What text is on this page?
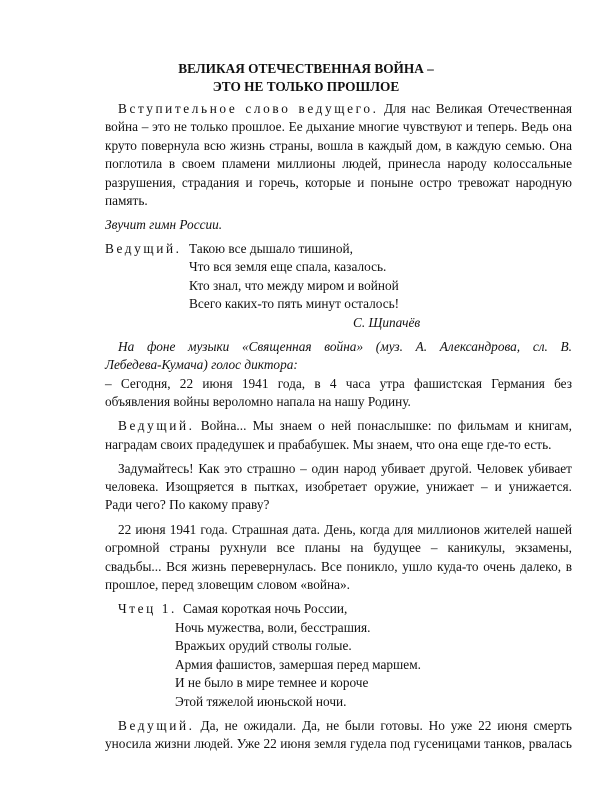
ВЕЛИКАЯ ОТЕЧЕСТВЕННАЯ ВОЙНА –
ЭТО НЕ ТОЛЬКО ПРОШЛОЕ
Вступительное слово ведущего. Для нас Великая Отечественная
война – это не только прошлое. Ее дыхание многие чувствуют и теперь. Ведь она
круто повернула всю жизнь страны, вошла в каждый дом, в каждую семью. Она
поглотила в своем пламени миллионы людей, принесла народу колоссальные
разрушения, страдания и горечь, которые и поныне остро тревожат народную
память.
Звучит гимн России.
Ведущий. Такою все дышало тишиной,
Что вся земля еще спала, казалось.
Кто знал, что между миром и войной
Всего каких-то пять минут осталось!
С. Щипачёв
На фоне музыки «Священная война» (муз. А. Александрова, сл. В.
Лебедева-Кумача) голос диктора:
– Сегодня, 22 июня 1941 года, в 4 часа утра фашистская Германия без
объявления войны вероломно напала на нашу Родину.
Ведущий. Война... Мы знаем о ней понаслышке: по фильмам и книгам,
наградам своих прадедушек и прабабушек. Мы знаем, что она еще где-то есть.
Задумайтесь! Как это страшно – один народ убивает другой. Человек убивает
человека. Изощряется в пытках, изобретает оружие, унижает – и унижается.
Ради чего? По какому праву?
22 июня 1941 года. Страшная дата. День, когда для миллионов жителей нашей
огромной страны рухнули все планы на будущее – каникулы, экзамены,
свадьбы... Вся жизнь перевернулась. Все поникло, ушло куда-то очень далеко, в
прошлое, перед зловещим словом «война».
Чтец 1. Самая короткая ночь России,
Ночь мужества, воли, бесстрашия.
Вражьих орудий стволы голые.
Армия фашистов, замершая перед маршем.
И не было в мире темнее и короче
Этой тяжелой июньской ночи.
Ведущий. Да, не ожидали. Да, не были готовы. Но уже 22 июня смерть
уносила жизни людей. Уже 22 июня земля гудела под гусеницами танков, рвалась
